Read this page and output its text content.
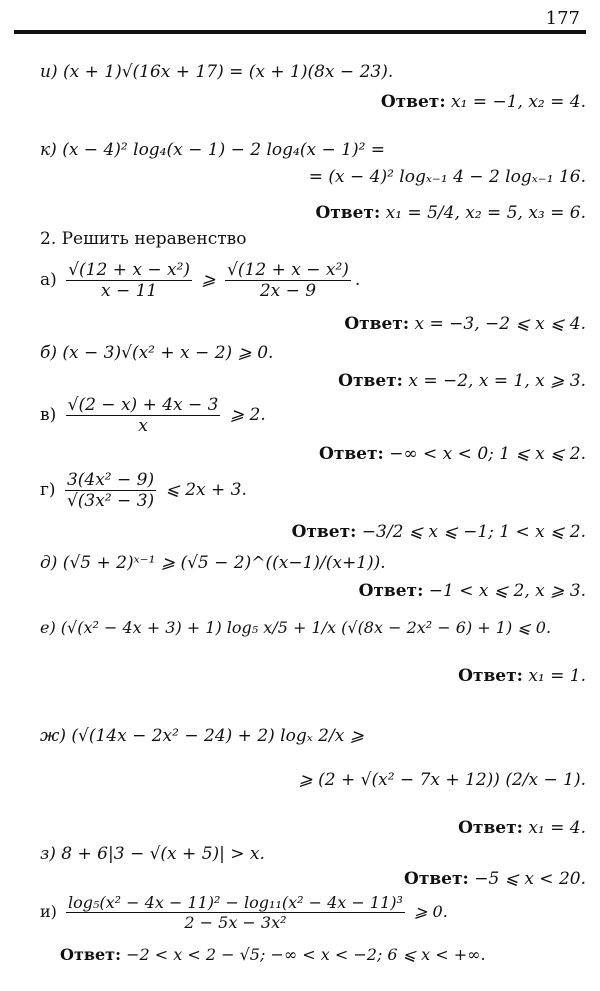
177
и) (x + 1)√(16x + 17) = (x + 1)(8x − 23).
Ответ: x₁ = −1, x₂ = 4.
к) (x − 4)² log₄(x − 1) − 2 log₄(x − 1)² =
= (x − 4)² logₓ₋₁ 4 − 2 logₓ₋₁ 16.
Ответ: x₁ = 5/4, x₂ = 5, x₃ = 6.
2. Решить неравенство
$а) \frac{\text{√(12 + x − x²)}}{x - 11}$ ⩾ $\frac{\text{√(12 + x − x²)}}{2x - 9}$ .
Ответ: x = −3, −2 ⩽ x ⩽ 4.
б) (x − 3)√(x² + x − 2) ⩾ 0.
Ответ: x = −2, x = 1, x ⩾ 3.
$в) \frac{√(2 - x) + 4x - 3}{x}$ ⩾ 2.
Ответ: −∞ < x < 0; 1 ⩽ x ⩽ 2.
$г) \frac{\text{3(4x² − 9)}}{\text{√(3x² − 3)}}$ ⩽ 2x + 3.
Ответ: −3/2 ⩽ x ⩽ −1; 1 < x ⩽ 2.
д) (√5 + 2)ˣ⁻¹ ⩾ (√5 − 2)^((x−1)/(x+1)).
Ответ: −1 < x ⩽ 2, x ⩾ 3.
е) (√(x² − 4x + 3) + 1) log₅ x/5 + 1/x (√(8x − 2x² − 6) + 1) ⩽ 0.
Ответ: x₁ = 1.
ж) (√(14x − 2x² − 24) + 2) logₓ 2/x ⩾
⩾ (2 + √(x² − 7x + 12)) (2/x − 1).
Ответ: x₁ = 4.
з) 8 + 6|3 − √(x + 5)| > x.
Ответ: −5 ⩽ x < 20.
$и) \frac{\text{log₅(x² − 4x − 11)² − log₁₁(x² − 4x − 11)³}}{\text{2 − 5x − 3x²}}$ ⩾ 0.
Ответ: −2 < x < 2 − √5; −∞ < x < −2; 6 ⩽ x < +∞.
